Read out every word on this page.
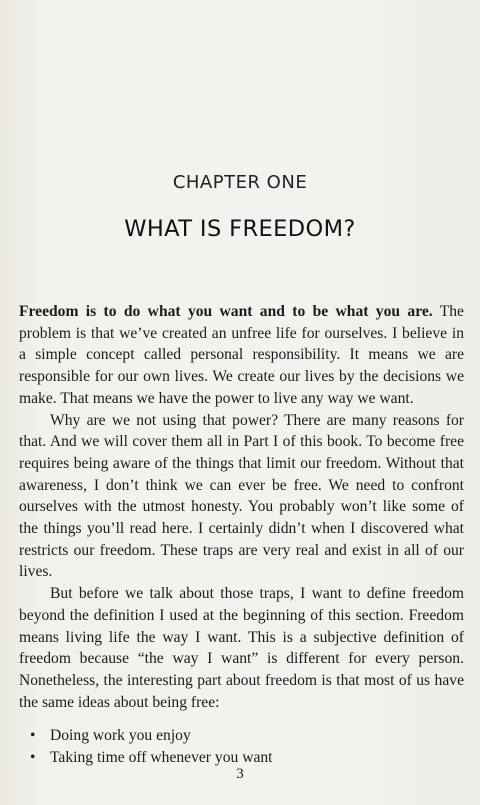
CHAPTER ONE
WHAT IS FREEDOM?

Freedom is to do what you want and to be what you are. The problem is that we’ve created an unfree life for ourselves. I believe in a simple concept called personal responsibility. It means we are responsible for our own lives. We create our lives by the decisions we make. That means we have the power to live any way we want.

Why are we not using that power? There are many reasons for that. And we will cover them all in Part I of this book. To become free requires being aware of the things that limit our freedom. Without that awareness, I don’t think we can ever be free. We need to confront ourselves with the utmost honesty. You probably won’t like some of the things you’ll read here. I certainly didn’t when I discovered what restricts our freedom. These traps are very real and exist in all of our lives.

But before we talk about those traps, I want to define freedom beyond the definition I used at the beginning of this section. Freedom means living life the way I want. This is a subjective definition of freedom because “the way I want” is different for every person. Nonetheless, the interesting part about freedom is that most of us have the same ideas about being free:

• Doing work you enjoy
• Taking time off whenever you want
3
